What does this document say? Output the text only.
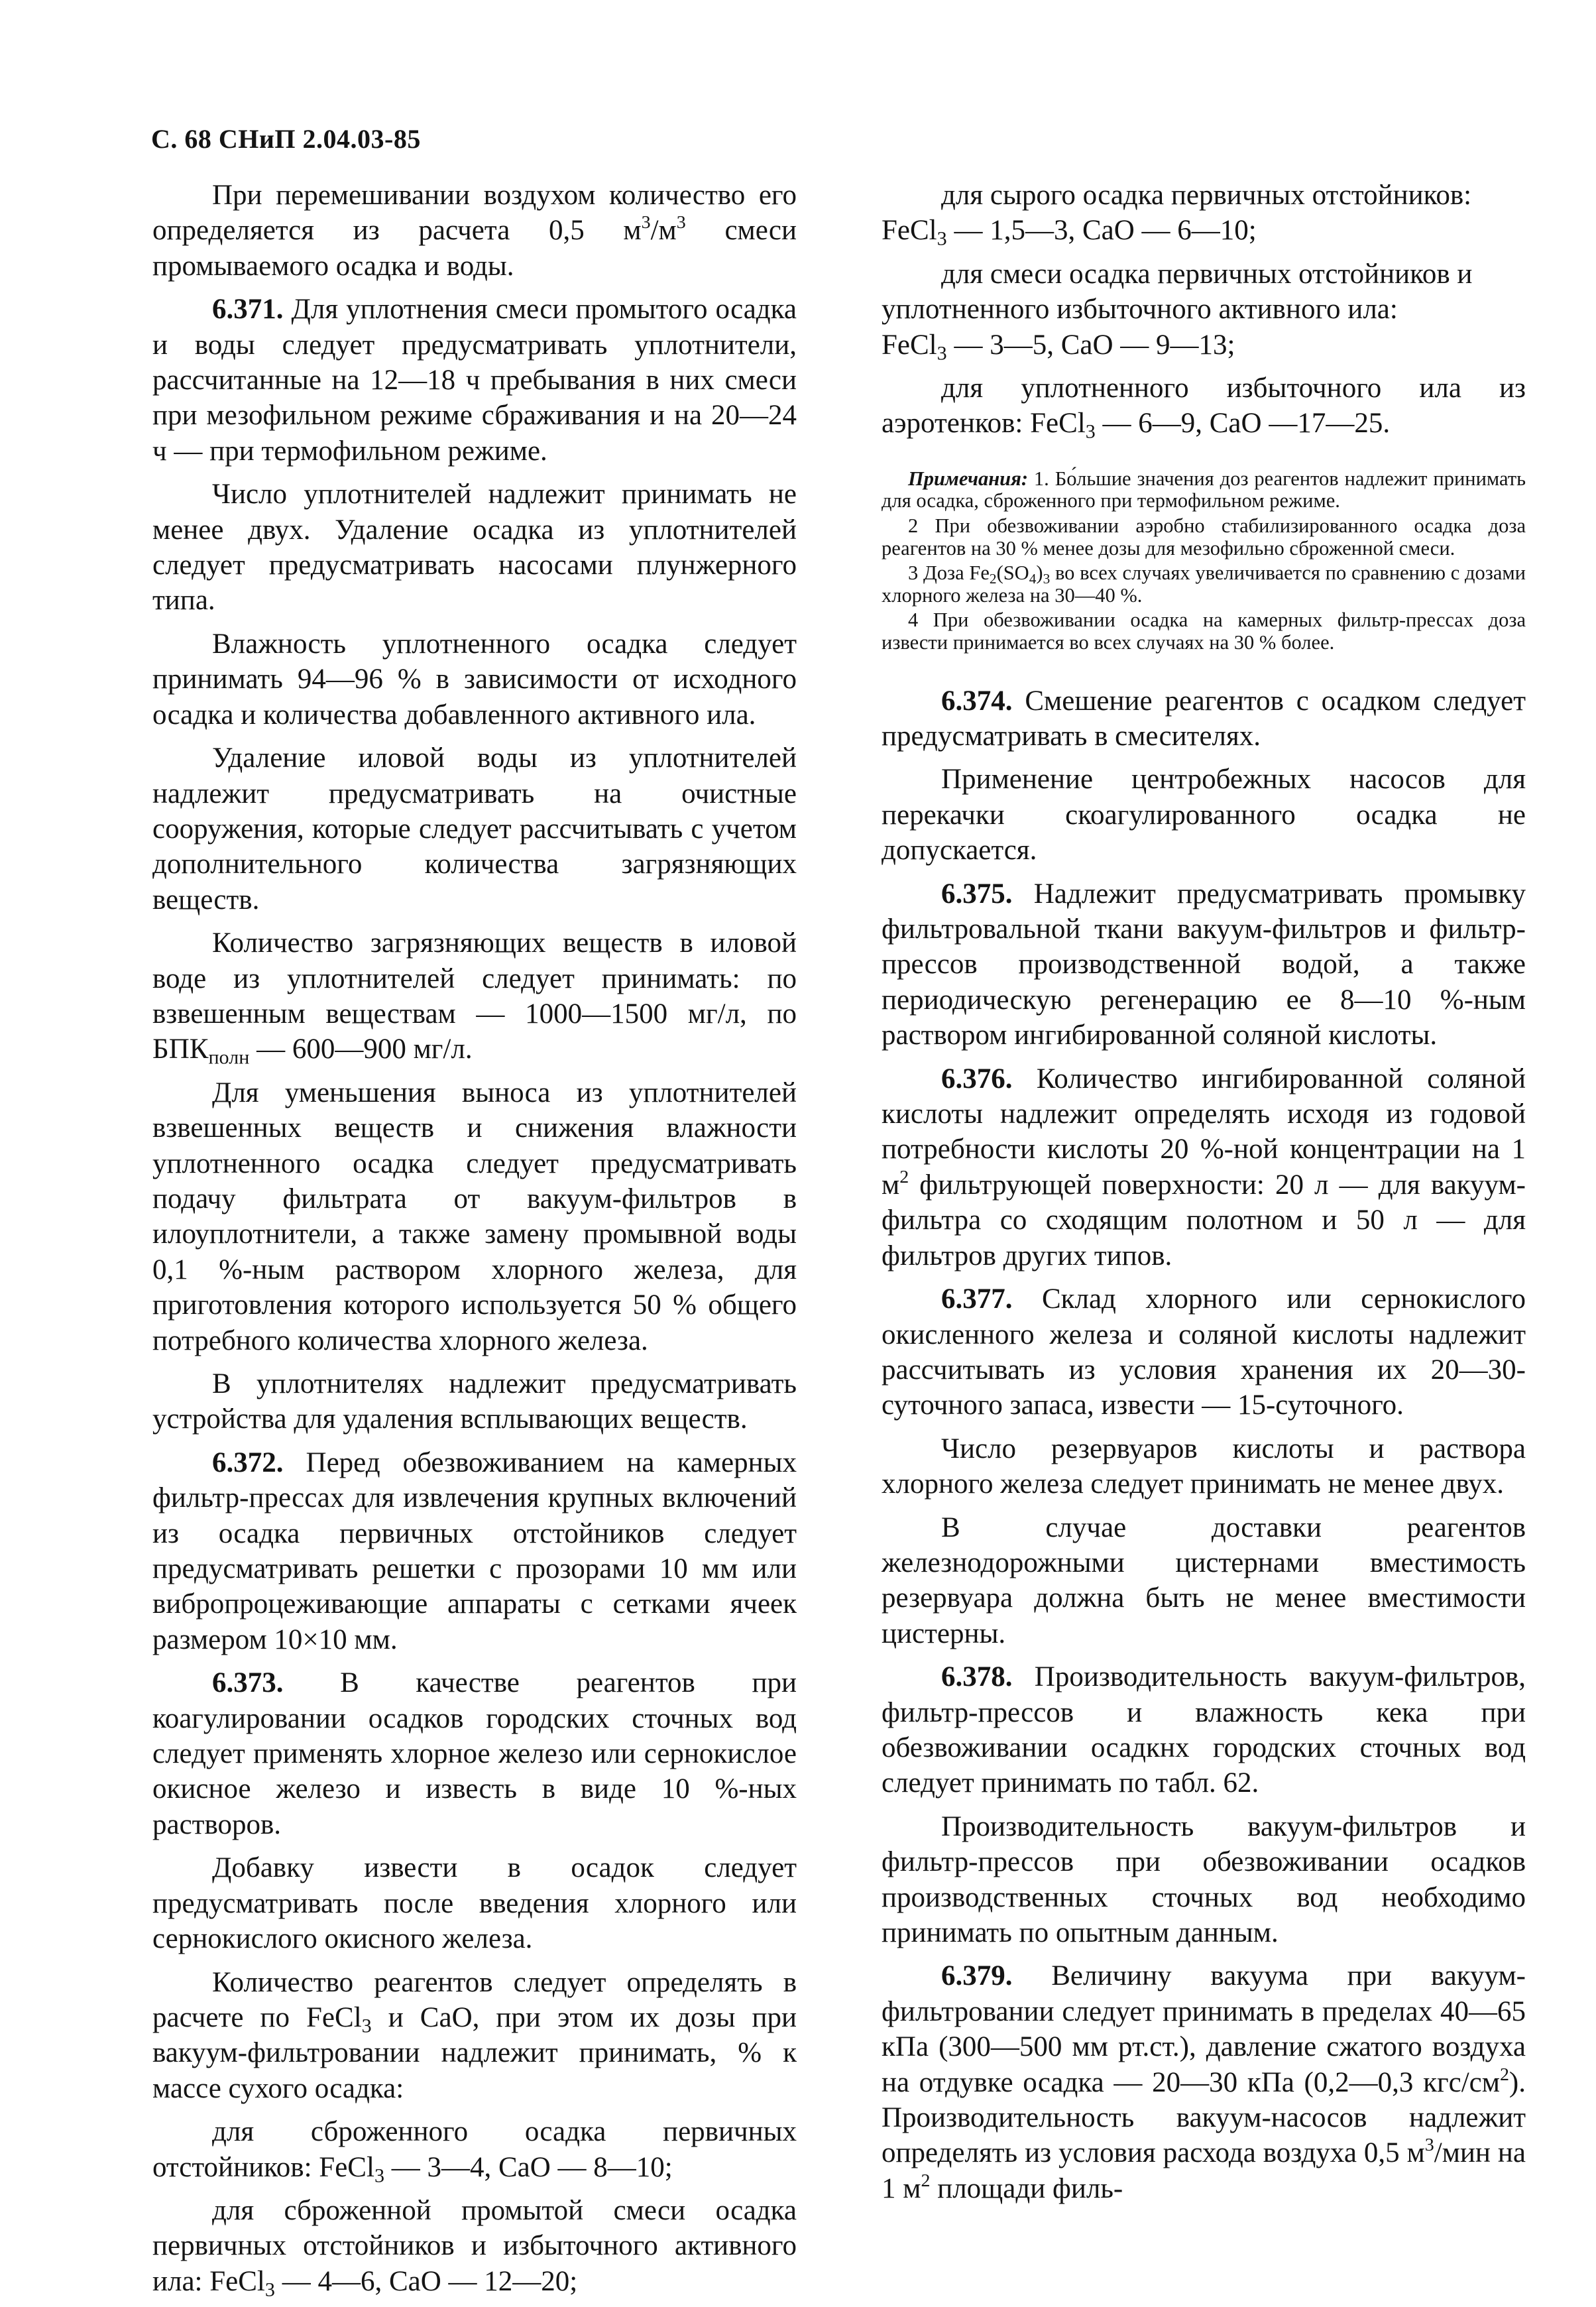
С. 68 СНиП 2.04.03-85

При перемешивании воздухом количество его определяется из расчета 0,5 $м^3/м^3$ смеси промываемого осадка и воды.

6.371. Для уплотнения смеси промытого осадка и воды следует предусматривать уплотнители, рассчитанные на 12—18 ч пребывания в них смеси при мезофильном режиме сбраживания и на 20—24 ч — при термофильном режиме.

Число уплотнителей надлежит принимать не менее двух. Удаление осадка из уплотнителей следует предусматривать насосами плунжерного типа.

Влажность уплотненного осадка следует принимать 94—96 % в зависимости от исходного осадка и количества добавленного активного ила.

Удаление иловой воды из уплотнителей надлежит предусматривать на очистные сооружения, которые следует рассчитывать с учетом дополнительного количества загрязняющих веществ.

Количество загрязняющих веществ в иловой воде из уплотнителей следует принимать: по взвешенным веществам — 1000—1500 мг/л, по $БПК_{полн}$ — 600—900 мг/л.

Для уменьшения выноса из уплотнителей взвешенных веществ и снижения влажности уплотненного осадка следует предусматривать подачу фильтрата от вакуум-фильтров в илоуплотнители, а также замену промывной воды 0,1 %-ным раствором хлорного железа, для приготовления которого используется 50 % общего потребного количества хлорного железа.

В уплотнителях надлежит предусматривать устройства для удаления всплывающих веществ.

6.372. Перед обезвоживанием на камерных фильтр-прессах для извлечения крупных включений из осадка первичных отстойников следует предусматривать решетки с прозорами 10 мм или вибропроцеживающие аппараты с сетками ячеек размером 10×10 мм.

6.373. В качестве реагентов при коагулировании осадков городских сточных вод следует применять хлорное железо или сернокислое окисное железо и известь в виде 10 %-ных растворов.

Добавку извести в осадок следует предусматривать после введения хлорного или сернокислого окисного железа.

Количество реагентов следует определять в расчете по FeCl$_3$ и CaO, при этом их дозы при вакуум-фильтровании надлежит принимать, % к массе сухого осадка:

для сброженного осадка первичных отстойников: FeCl$_3$ — 3—4, CaO — 8—10;

для сброженной промытой смеси осадка первичных отстойников и избыточного активного ила: FeCl$_3$ — 4—6, CaO — 12—20;

для сырого осадка первичных отстойников:

FeCl$_3$ — 1,5—3, CaO — 6—10;

для смеси осадка первичных отстойников и уплотненного избыточного активного ила:

FeCl$_3$ — 3—5, CaO — 9—13;

для уплотненного избыточного ила из аэротенков: FeCl$_3$ — 6—9, CaO —17—25.

Примечания: 1. Бо́льшие значения доз реагентов надлежит принимать для осадка, сброженного при термофильном режиме.

2 При обезвоживании аэробно стабилизированного осадка доза реагентов на 30 % менее дозы для мезофильно сброженной смеси.

3 Доза $Fe_2(SO_4)_3$ во всех случаях увеличивается по сравнению с дозами хлорного железа на 30—40 %.

4 При обезвоживании осадка на камерных фильтр-прессах доза извести принимается во всех случаях на 30 % более.

6.374. Смешение реагентов с осадком следует предусматривать в смесителях.

Применение центробежных насосов для перекачки скоагулированного осадка не допускается.

6.375. Надлежит предусматривать промывку фильтровальной ткани вакуум-фильтров и фильтр-прессов производственной водой, а также периодическую регенерацию ее 8—10 %-ным раствором ингибированной соляной кислоты.

6.376. Количество ингибированной соляной кислоты надлежит определять исходя из годовой потребности кислоты 20 %-ной концентрации на 1 $м^2$ фильтрующей поверхности: 20 л — для вакуум-фильтра со сходящим полотном и 50 л — для фильтров других типов.

6.377. Склад хлорного или сернокислого окисленного железа и соляной кислоты надлежит рассчитывать из условия хранения их 20—30-суточного запаса, извести — 15-суточного.

Число резервуаров кислоты и раствора хлорного железа следует принимать не менее двух.

В случае доставки реагентов железнодорожными цистернами вместимость резервуара должна быть не менее вместимости цистерны.

6.378. Производительность вакуум-фильтров, фильтр-прессов и влажность кека при обезвоживании осадкнх городских сточных вод следует принимать по табл. 62.

Производительность вакуум-фильтров и фильтр-прессов при обезвоживании осадков производственных сточных вод необходимо принимать по опытным данным.

6.379. Величину вакуума при вакуум-фильтровании следует принимать в пределах 40—65 кПа (300—500 мм рт.ст.), давление сжатого воздуха на отдувке осадка — 20—30 кПа (0,2—0,3 кгс/$см^2$). Производительность вакуум-насосов надлежит определять из условия расхода воздуха 0,5 $м^3$/мин на 1 $м^2$ площади филь-
